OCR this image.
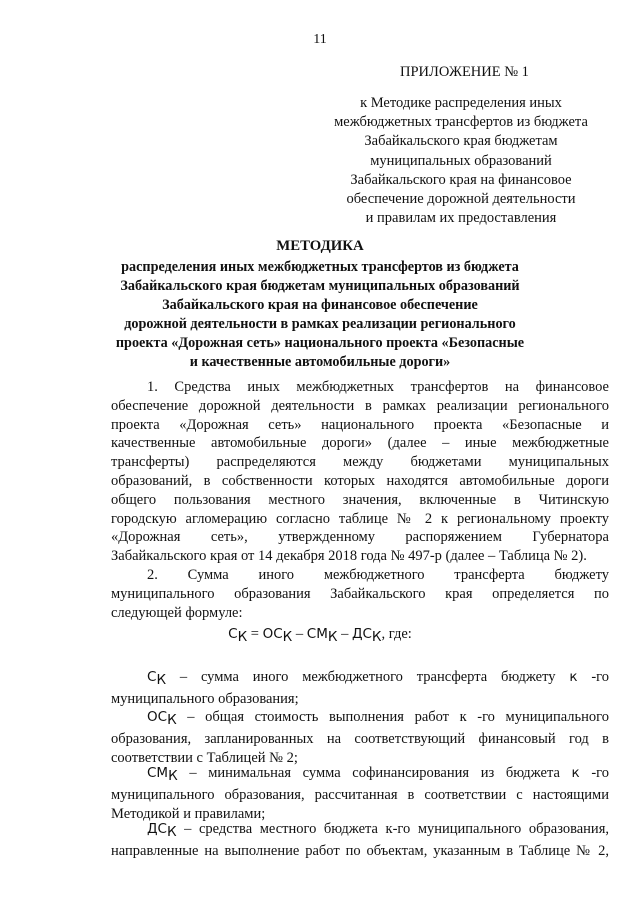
11
ПРИЛОЖЕНИЕ № 1
к Методике распределения иных
межбюджетных трансфертов из бюджета
Забайкальского края бюджетам
муниципальных образований
Забайкальского края на финансовое
обеспечение дорожной деятельности
и правилам их предоставления
МЕТОДИКА
распределения иных межбюджетных трансфертов из бюджета
Забайкальского края бюджетам муниципальных образований
Забайкальского края на финансовое обеспечение
дорожной деятельности в рамках реализации регионального
проекта «Дорожная сеть» национального проекта «Безопасные
и качественные автомобильные дороги»
1. Средства иных межбюджетных трансфертов на финансовое
обеспечение дорожной деятельности в рамках реализации регионального
проекта «Дорожная сеть» национального проекта «Безопасные и
качественные автомобильные дороги» (далее – иные межбюджетные
трансферты) распределяются между бюджетами муниципальных
образований, в собственности которых находятся автомобильные дороги
общего пользования местного значения, включенные в Читинскую
городскую агломерацию согласно таблице № 2 к региональному проекту
«Дорожная сеть», утвержденному распоряжением Губернатора
Забайкальского края от 14 декабря 2018 года № 497-р (далее – Таблица № 2).
2. Сумма иного межбюджетного трансферта бюджету
муниципального образования Забайкальского края определяется по
следующей формуле:
$С_К = ОС_К - СМ_К - ДС_К$, где:
$С_К$ – сумма иного межбюджетного трансферта бюджету к -го
муниципального образования;
$ОС_К$ – общая стоимость выполнения работ к -го муниципального
образования, запланированных на соответствующий финансовый год в
соответствии с Таблицей № 2;
$СМ_К$ – минимальная сумма софинансирования из бюджета к -го
муниципального образования, рассчитанная в соответствии с настоящими
Методикой и правилами;
$ДС_К$ – средства местного бюджета к-го муниципального образования,
направленные на выполнение работ по объектам, указанным в Таблице № 2,
